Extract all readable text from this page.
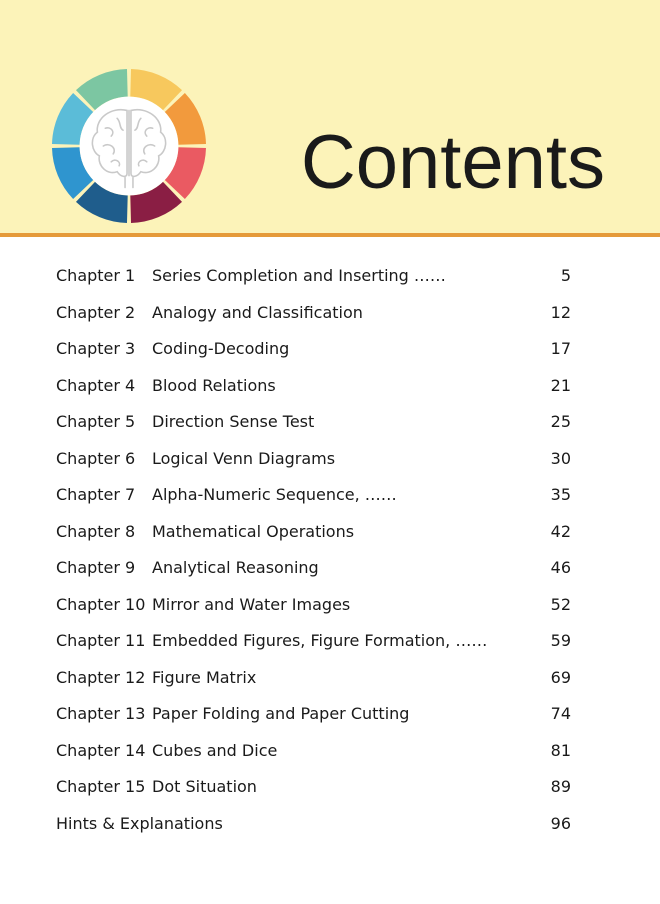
Contents
Chapter 1 Series Completion and Inserting ……	5
Chapter 2 Analogy and Classification	12
Chapter 3 Coding-Decoding	17
Chapter 4 Blood Relations	21
Chapter 5 Direction Sense Test	25
Chapter 6 Logical Venn Diagrams	30
Chapter 7 Alpha-Numeric Sequence, ……	35
Chapter 8 Mathematical Operations	42
Chapter 9 Analytical Reasoning	46
Chapter 10 Mirror and Water Images	52
Chapter 11 Embedded Figures, Figure Formation, ……	59
Chapter 12 Figure Matrix	69
Chapter 13 Paper Folding and Paper Cutting	74
Chapter 14 Cubes and Dice	81
Chapter 15 Dot Situation	89
Hints & Explanations	96
